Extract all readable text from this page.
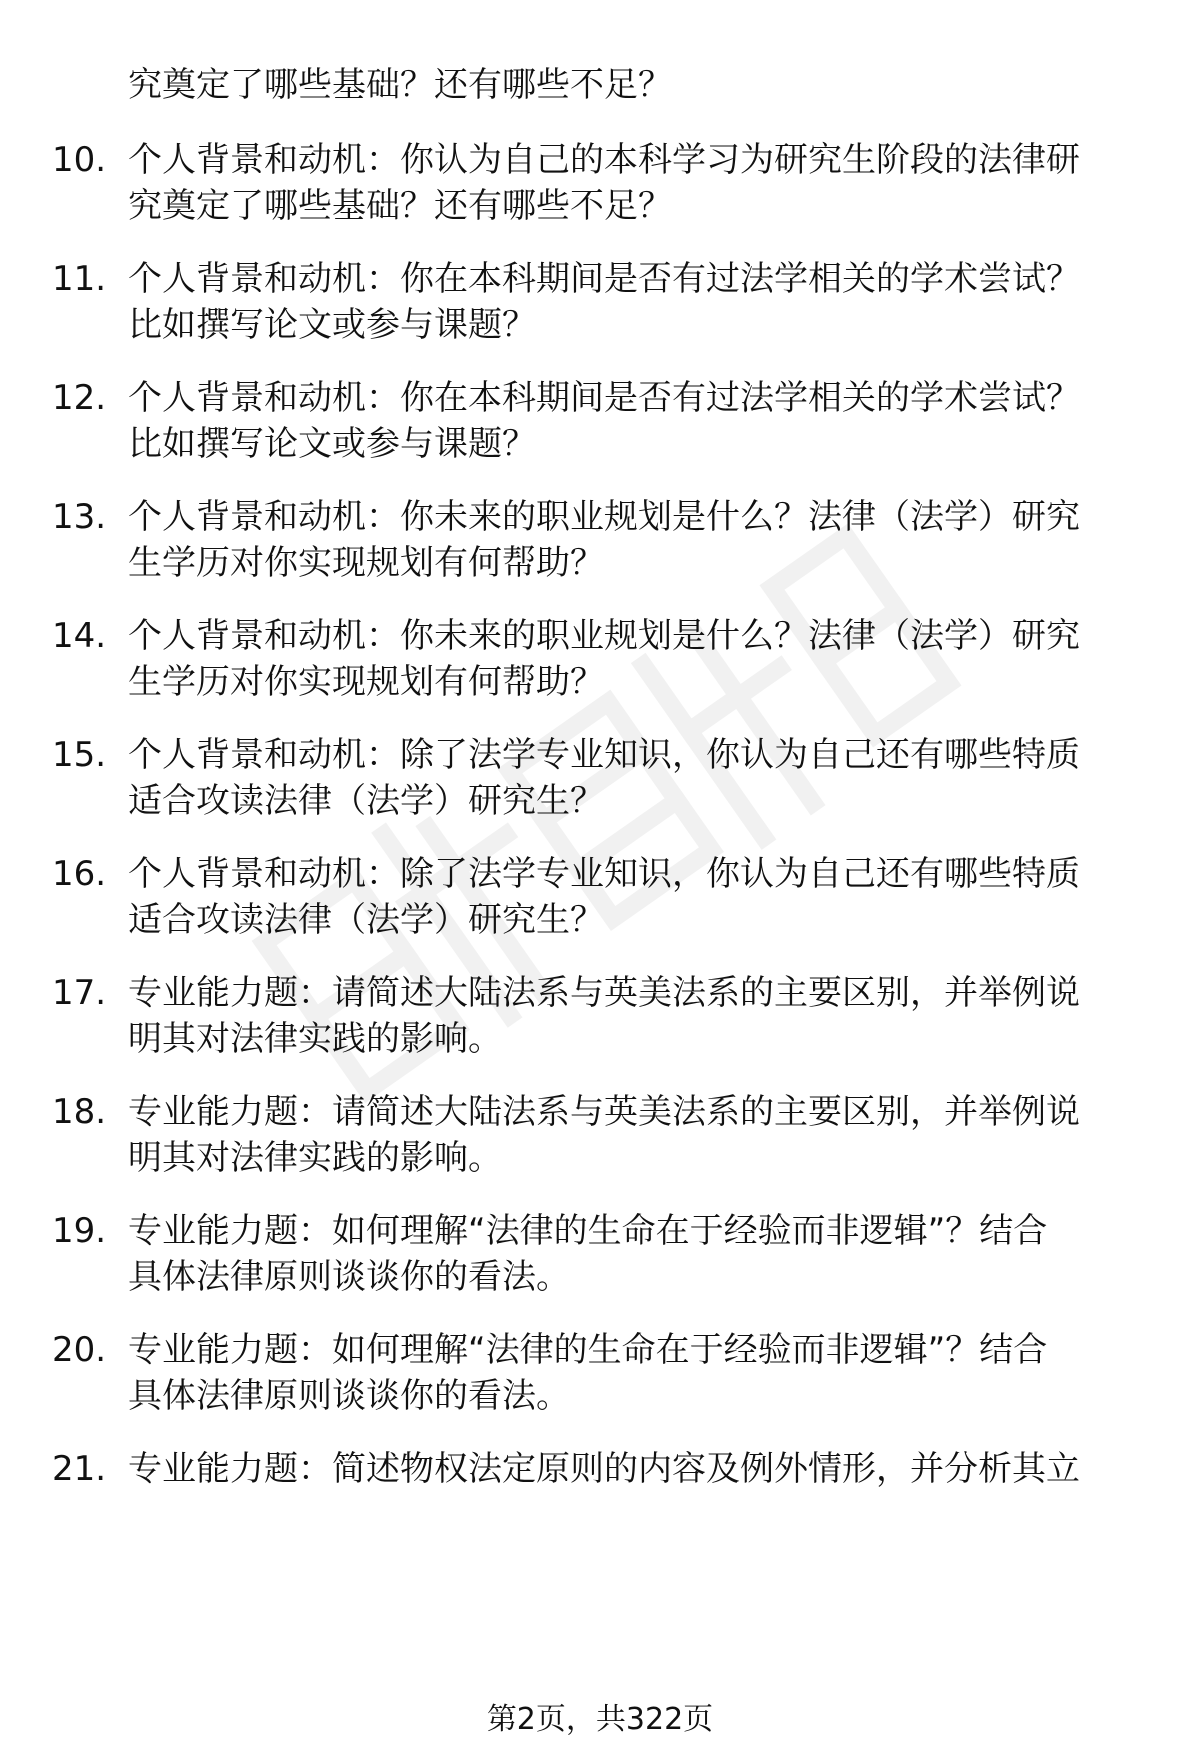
究奠定了哪些基础？还有哪些不足？
10. 个人背景和动机：你认为自己的本科学习为研究生阶段的法律研
究奠定了哪些基础？还有哪些不足？
11. 个人背景和动机：你在本科期间是否有过法学相关的学术尝试？
比如撰写论文或参与课题？
12. 个人背景和动机：你在本科期间是否有过法学相关的学术尝试？
比如撰写论文或参与课题？
13. 个人背景和动机：你未来的职业规划是什么？法律（法学）研究
生学历对你实现规划有何帮助？
14. 个人背景和动机：你未来的职业规划是什么？法律（法学）研究
生学历对你实现规划有何帮助？
15. 个人背景和动机：除了法学专业知识，你认为自己还有哪些特质
适合攻读法律（法学）研究生？
16. 个人背景和动机：除了法学专业知识，你认为自己还有哪些特质
适合攻读法律（法学）研究生？
17. 专业能力题：请简述大陆法系与英美法系的主要区别，并举例说
明其对法律实践的影响。
18. 专业能力题：请简述大陆法系与英美法系的主要区别，并举例说
明其对法律实践的影响。
19. 专业能力题：如何理解“法律的生命在于经验而非逻辑”？结合
具体法律原则谈谈你的看法。
20. 专业能力题：如何理解“法律的生命在于经验而非逻辑”？结合
具体法律原则谈谈你的看法。
21. 专业能力题：简述物权法定原则的内容及例外情形，并分析其立
第2页，共322页
